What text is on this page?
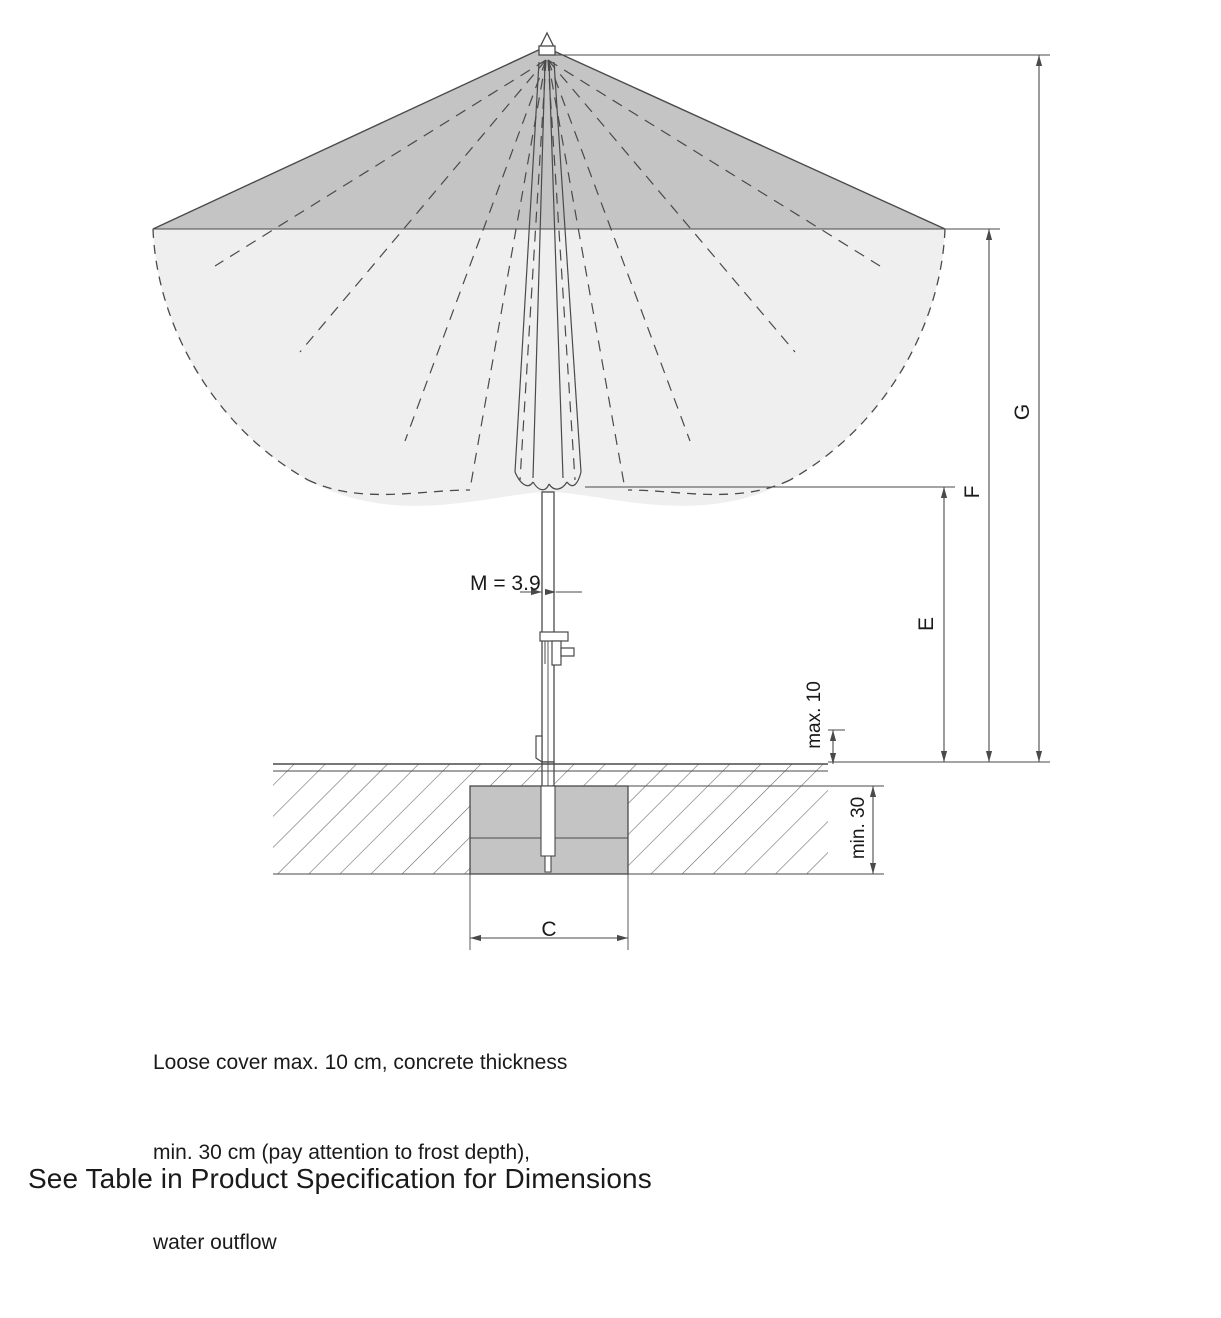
G
F
E
max. 10
min. 30
C
M = 3.9

Loose cover max. 10 cm, concrete thickness

min. 30 cm (pay attention to frost depth),

water outflow

See Table in Product Specification for Dimensions
